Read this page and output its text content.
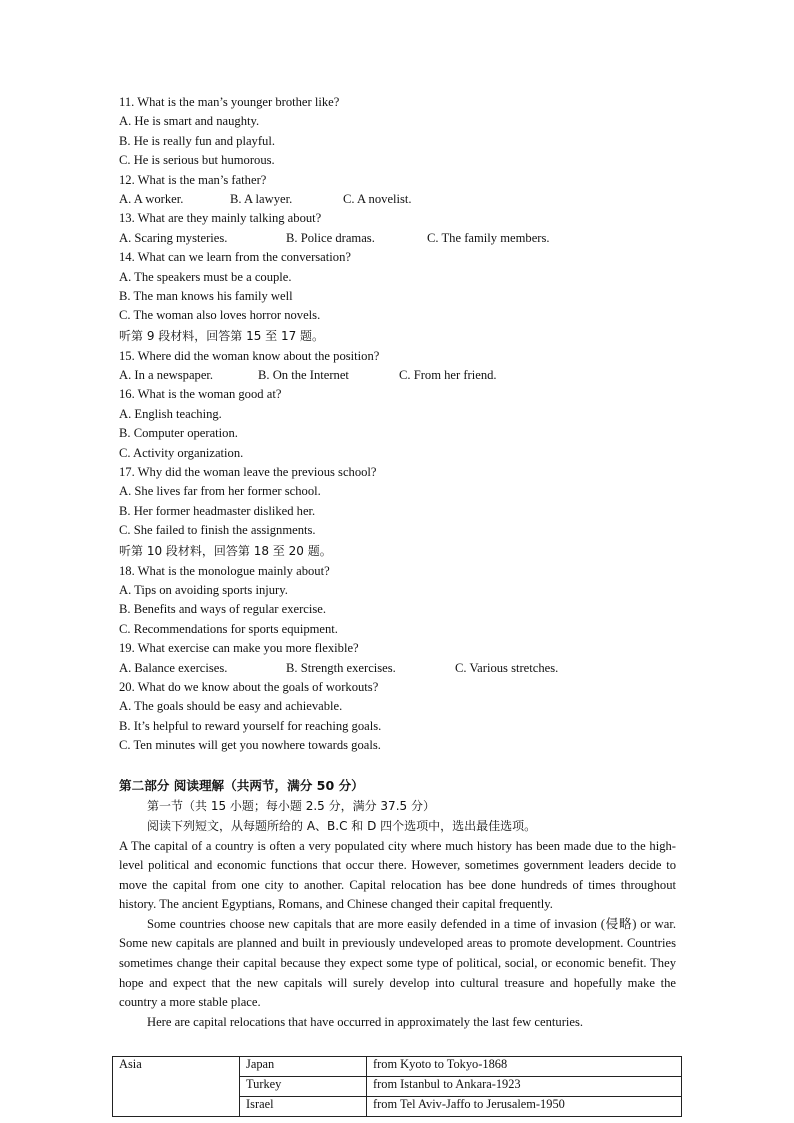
11. What is the man’s younger brother like?
A. He is smart and naughty.
B. He is really fun and playful.
C. He is serious but humorous.
12. What is the man’s father?
A. A worker.	B. A lawyer.	C. A novelist.
13. What are they mainly talking about?
A. Scaring mysteries.	B. Police dramas.	C. The family members.
14. What can we learn from the conversation?
A. The speakers must be a couple.
B. The man knows his family well
C. The woman also loves horror novels.
听第 9 段材料，回答第 15 至 17 题。
15. Where did the woman know about the position?
A. In a newspaper.	B. On the Internet	C. From her friend.
16. What is the woman good at?
A. English teaching.
B. Computer operation.
C. Activity organization.
17. Why did the woman leave the previous school?
A. She lives far from her former school.
B. Her former headmaster disliked her.
C. She failed to finish the assignments.
听第 10 段材料，回答第 18 至 20 题。
18. What is the monologue mainly about?
A. Tips on avoiding sports injury.
B. Benefits and ways of regular exercise.
C. Recommendations for sports equipment.
19. What exercise can make you more flexible?
A. Balance exercises.	B. Strength exercises.	C. Various stretches.
20. What do we know about the goals of workouts?
A. The goals should be easy and achievable.
B. It’s helpful to reward yourself for reaching goals.
C. Ten minutes will get you nowhere towards goals.
第二部分 阅读理解（共两节，满分 50 分）
第一节（共 15 小题；每小题 2.5 分，满分 37.5 分）
阅读下列短文，从每题所给的 A、B.C 和 D 四个选项中，选出最佳选项。
A The capital of a country is often a very populated city where much history has been made due to the high-level political and economic functions that occur there. However, sometimes government leaders decide to move the capital from one city to another. Capital relocation has bee done hundreds of times throughout history. The ancient Egyptians, Romans, and Chinese changed their capital frequently.
Some countries choose new capitals that are more easily defended in a time of invasion (侵略) or war. Some new capitals are planned and built in previously undeveloped areas to promote development. Countries sometimes change their capital because they expect some type of political, social, or economic benefit. They hope and expect that the new capitals will surely develop into cultural treasure and hopefully make the country a more stable place.
Here are capital relocations that have occurred in approximately the last few centuries.
Asia	Japan	from Kyoto to Tokyo-1868
	Turkey	from Istanbul to Ankara-1923
	Israel	from Tel Aviv-Jaffo to Jerusalem-1950
